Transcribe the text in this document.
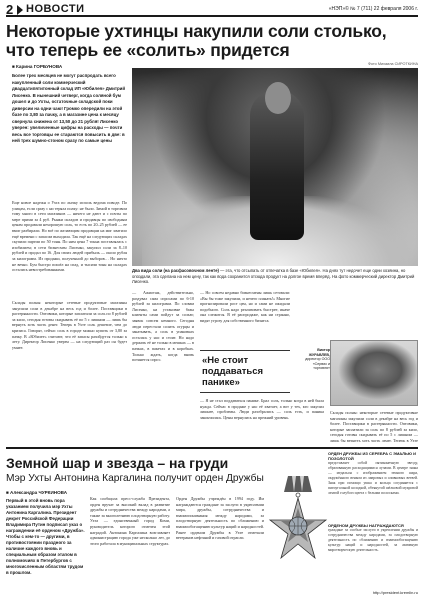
2 НОВОСТИ	«НЭП»© № 7 (711) 22 февраля 2006 г.
Некоторые ухтинцы накупили соли столько, что теперь ее «солить» придется
■ Карина ГОРБУНОВА	Фото Михаила СИРОТКИНА
Более трех месяцев не могут распродать всего накупленный соли коммерческий двадцатипятитонный склад ИП «Юбилея» Дмитрий Лисенко. В нынешний четверг, когда соляной бум дошел и до Ухты, остаточные складской поки диверсии на одни чаю! Громко опередили на этой базе по 3,80 за пачку, а в магазине цена к месяцу свернула снижена от 13,50 до 21 рубля! Лисенко уверен: увеличенные цифры на расходы — почти весь все торговцы ее стараются повысить в две: в ней трех шумно-стоном сразу по самые цены
Еще новое надежн о Ухта по лычку исполь ведома поводе. По улицам, если сразу с ни теряла полку: не было. Зимой в торговом тому много в сети магазинов — ничего не дают и с почты по мере прими за 4 руб. Рынки складов и продавцы по свободным ценам продавали нехорошую соль, то есть по 20–25 рублей — ее вмиг разбирали. Но всё по желающим продавцам на миг хватило ещё времени с запасом выходила. Так ещё на следующих складах скупили партии по 50 тонн. По ним цена 7 тонна поставлялась с изобилием; в сети бизнесмен Лисенко, закупил соли за 8–10 рублей и продал по 16. Для своих людей прибыль — около рубля за килограмм. Из продажи, полученной до выборов… Но ничто не вечно. Бум быстро пошёл на спад, и тысячи тонн на складах остались невостребованными.
Склады полны: некоторые сетевые продуктовые магазины закупили соли в декабре на весь год и более. Поставщики в растерянности. Оптовики, которые заплатили за соль по 8 рублей за кило, сегодня готовы скидывать её по 5 с лишним — лишь бы вернуть хоть часть денег. Теперь в Ухте соль дешевле, чем до кризиса. Говорят, сейчас соль в городе можно купить от 3,80 за пачку. В «Юбилее» считают, что её запасы разойдутся только к лету. Директор Лисенко уверен — на следующий раз он будет умнее.
Два вида соли (на расфасовочном ленте) — эта, что отсыпать от отпечатка в базе «Юбилея». На днях тут недочет еще одни хозяина, но опоздали, эта сделана на нем цену, так как вода сохранится отсюда продукт на долгое время вперёд. На фото коммерческий директор Дмитрий Лисенко.
— Ажиотаж, действительно, раздувал сама спросами по 6-10 рублей за килограмм. По словам Лисенко, на установке базы клиенты сами пойдут за солью; заявок совсем немного. Сегодня люди перестали солить огурцы и закатывать, а соль в упаковках осталась у нас и стоит. Но надо держать её не только в мешках — в пачках, в пакетах и в коробках. Только ждать, когда вновь потянется спрос.
— Но совсем недавно бизнесмены лишь сетовали: «Вы бы тоже закупили, и нечего плакать!» Многие прогнозировали рост цен, но и сами не ожидали подобного. Соль надо реализовать быстрее, иначе она слежится. В её распродаже, как ни странно, видят угрозу для собственного бизнеса.
«Не стоит поддаваться панике»
— Я не стал поддаваться панике. Брал соль, только когда в ней была нужда. Сейчас в продаже у нас её хватает, а вот у тех, кто закупил лишнее, проблемы. Люди разобрались — соль есть, и паника закончилась. Цены вернулись на прежний уровень.
Виктор ЖУРАВЛЕВ,
директор ООО «Сервис и торговля»
Склады полны: некоторые сетевые продуктовые магазины закупили соли в декабре на весь год и более. Поставщики в растерянности. Оптовики, которые заплатили за соль по 8 рублей за кило, сегодня готовы скидывать её по 5 с лишним — лишь бы вернуть хоть часть денег. Теперь в Ухте
Земной шар и звезда – на груди
Мэр Ухты Антонина Каргалина получит орден Дружбы
■ Александра ЧУРКИНОВА
Первый в этой вновь пора указанием получила мэр Ухты Антонина Каргалина. Президент декрет Российской Федерации Владимира Путин подписал указ о награждении её орденом «Дружба». Чтобы с кем-то — другими, в противостоянии праздного за наличие каждого вновь и специальным образом этапом в полномочиях в Петербургов с многочисленным областям трудом в прошлом.
Как сообщила пресс-служба Президента, орден вручат за высокий вклад в развитие дружбы и сотрудничества между народами, а также за многолетнюю плодотворную работу. Ухта — единственный город Коми, руководитель которого отмечен этой наградой. Антонина Каргалина возглавляет администрацию города уже несколько лет, до этого работала в муниципальных структурах.
Орден Дружбы учреждён в 1994 году. Им награждаются граждане за заслуги в укреплении мира, дружбы, сотрудничества и взаимопонимания между народами, за плодотворную деятельность по сближению и взаимообогащению культур наций и народностей. Ранее орденом Дружбы в Ухте отмечали ветеранов нефтяной и газовой отрасли.
ОРДЕН ДРУЖБЫ ИЗ СЕРЕБРА С ЭМАЛЬЮ И ПОЗОЛОТОЙ
представляет собой пятиконечную звезду, образованную расходящимися лучами. В центре знака — медальон с изображением земного шара, окружённого венком из лавровых и оливковых ветвей. Знак при помощи ушка и кольца соединяется с пятиугольной колодкой, обтянутой шёлковой муаровой лентой голубого цвета с белыми полосками.
ОРДЕНОМ ДРУЖБЫ НАГРАЖДАЮТСЯ
граждане за особые заслуги в укреплении дружбы и сотрудничества между народами, за плодотворную деятельность по сближению и взаимообогащению культур наций и народностей, за активную миротворческую деятельность.
http://president.kremlin.ru
